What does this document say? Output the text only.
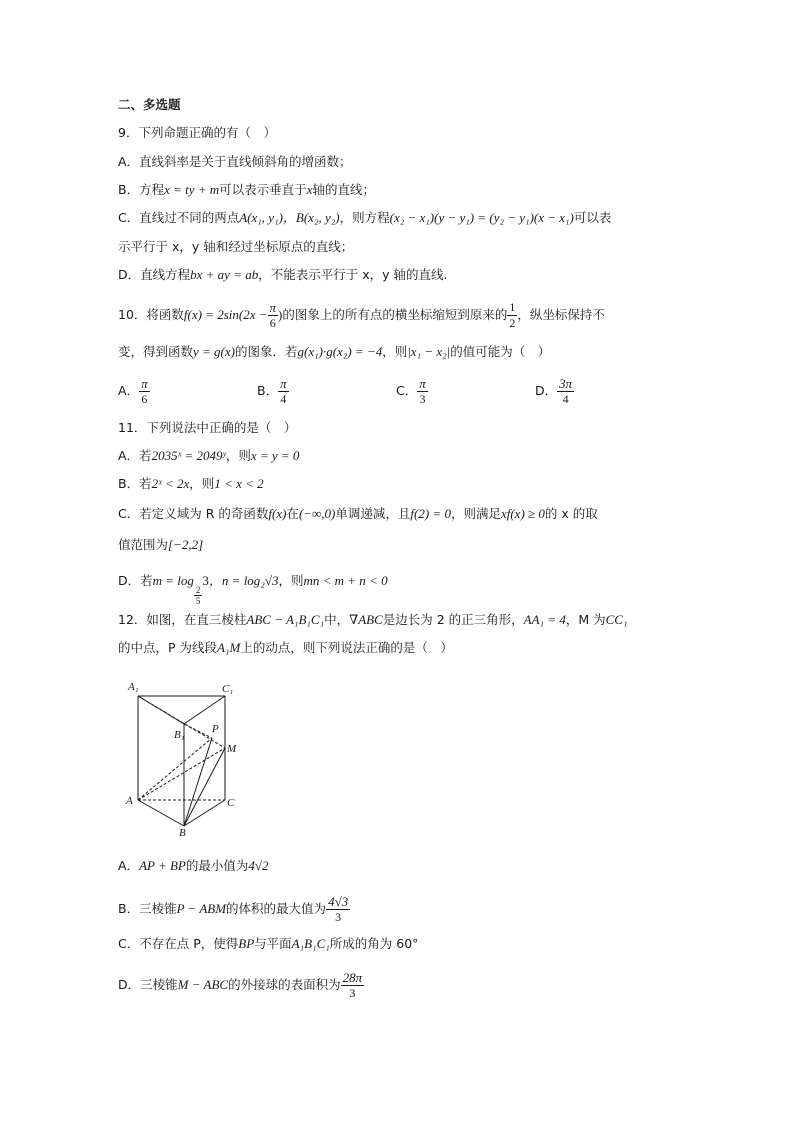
二、多选题
9．下列命题正确的有（　）
A．直线斜率是关于直线倾斜角的增函数；
B．方程x = ty + m可以表示垂直于x轴的直线；
C．直线过不同的两点A(x₁, y₁)，B(x₂, y₂)，则方程(x₂ − x₁)(y − y₁) = (y₂ − y₁)(x − x₁)可以表
示平行于 x，y 轴和经过坐标原点的直线；
D．直线方程bx + ay = ab，不能表示平行于 x，y 轴的直线.
10．将函数$f(x) = 2\sin(2x - \frac{\pi}{6}$ )的图象上的所有点的横坐标缩短到原来的 $\frac{1}{2}$ ，纵坐标保持不
变，得到函数y = g(x)的图象．若g(x₁)·g(x₂) = −4，则|x₁ − x₂|的值可能为（　）
A． $\frac{\pi}{6}$	B． $\frac{\pi}{4}$	C． $\frac{\pi}{3}$	D． $\frac{3\pi}{4}$
11．下列说法中正确的是（　）
A．若2035ˣ = 2049ʸ，则x = y = 0
B．若2ˣ < 2x，则1 < x < 2
C．若定义域为 R 的奇函数f(x)在(−∞,0)单调递减，且f(2) = 0，则满足xf(x) ≥ 0的 x 的取
值范围为[−2,2]
D．若m = log
$\frac{2}{5}$
3，n = log₂√3，则mn < m + n < 0
12．如图，在直三棱柱ABC − A₁B₁C₁中，∇ABC是边长为 2 的正三角形，AA₁ = 4，M 为CC₁
的中点，P 为线段A₁M上的动点，则下列说法正确的是（　）
A₁	C₁
B₁ P
M
A	C
B
A．AP + BP的最小值为4√2
B．三棱锥P − ABM的体积的最大值为 $\frac{4√3}{3}$
C．不存在点 P，使得BP与平面A₁B₁C₁所成的角为 60°
D．三棱锥M − ABC的外接球的表面积为 $\frac{28\pi}{3}$
